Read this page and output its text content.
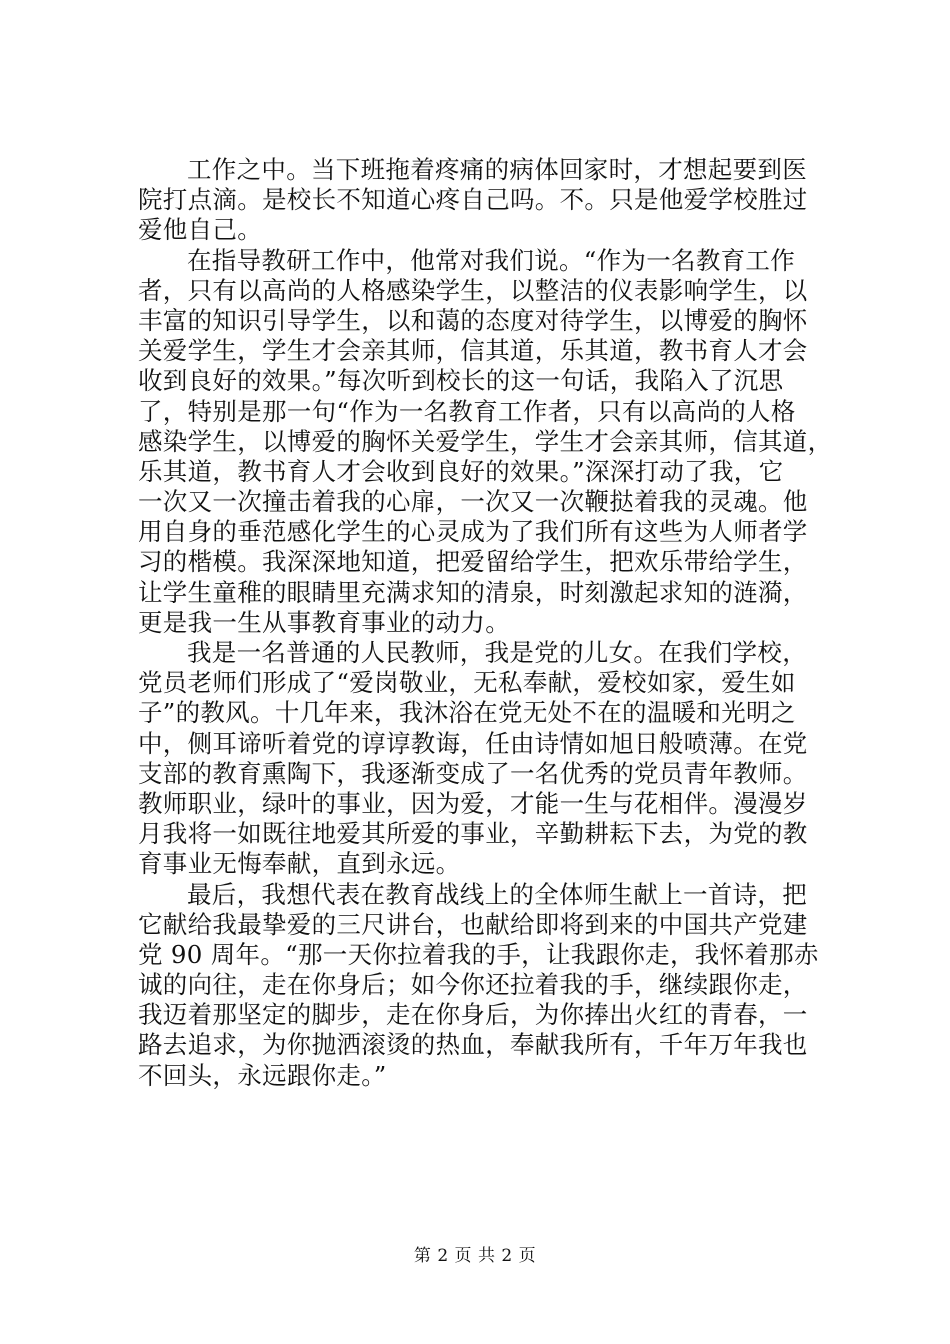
工作之中。当下班拖着疼痛的病体回家时，才想起要到医
院打点滴。是校长不知道心疼自己吗。不。只是他爱学校胜过
爱他自己。
在指导教研工作中，他常对我们说。“作为一名教育工作
者，只有以高尚的人格感染学生，以整洁的仪表影响学生，以
丰富的知识引导学生，以和蔼的态度对待学生，以博爱的胸怀
关爱学生，学生才会亲其师，信其道，乐其道，教书育人才会
收到良好的效果。”每次听到校长的这一句话，我陷入了沉思
了，特别是那一句“作为一名教育工作者，只有以高尚的人格
感染学生，以博爱的胸怀关爱学生，学生才会亲其师，信其道，
乐其道，教书育人才会收到良好的效果。”深深打动了我，它
一次又一次撞击着我的心扉，一次又一次鞭挞着我的灵魂。他
用自身的垂范感化学生的心灵成为了我们所有这些为人师者学
习的楷模。我深深地知道，把爱留给学生，把欢乐带给学生，
让学生童稚的眼睛里充满求知的清泉，时刻激起求知的涟漪，
更是我一生从事教育事业的动力。
我是一名普通的人民教师，我是党的儿女。在我们学校，
党员老师们形成了“爱岗敬业，无私奉献，爱校如家，爱生如
子”的教风。十几年来，我沐浴在党无处不在的温暖和光明之
中，侧耳谛听着党的谆谆教诲，任由诗情如旭日般喷薄。在党
支部的教育熏陶下，我逐渐变成了一名优秀的党员青年教师。
教师职业，绿叶的事业，因为爱，才能一生与花相伴。漫漫岁
月我将一如既往地爱其所爱的事业，辛勤耕耘下去，为党的教
育事业无悔奉献，直到永远。
最后，我想代表在教育战线上的全体师生献上一首诗，把
它献给我最挚爱的三尺讲台，也献给即将到来的中国共产党建
党 90 周年。“那一天你拉着我的手，让我跟你走，我怀着那赤
诚的向往，走在你身后；如今你还拉着我的手，继续跟你走，
我迈着那坚定的脚步，走在你身后，为你捧出火红的青春，一
路去追求，为你抛洒滚烫的热血，奉献我所有，千年万年我也
不回头，永远跟你走。”
第 2 页 共 2 页
